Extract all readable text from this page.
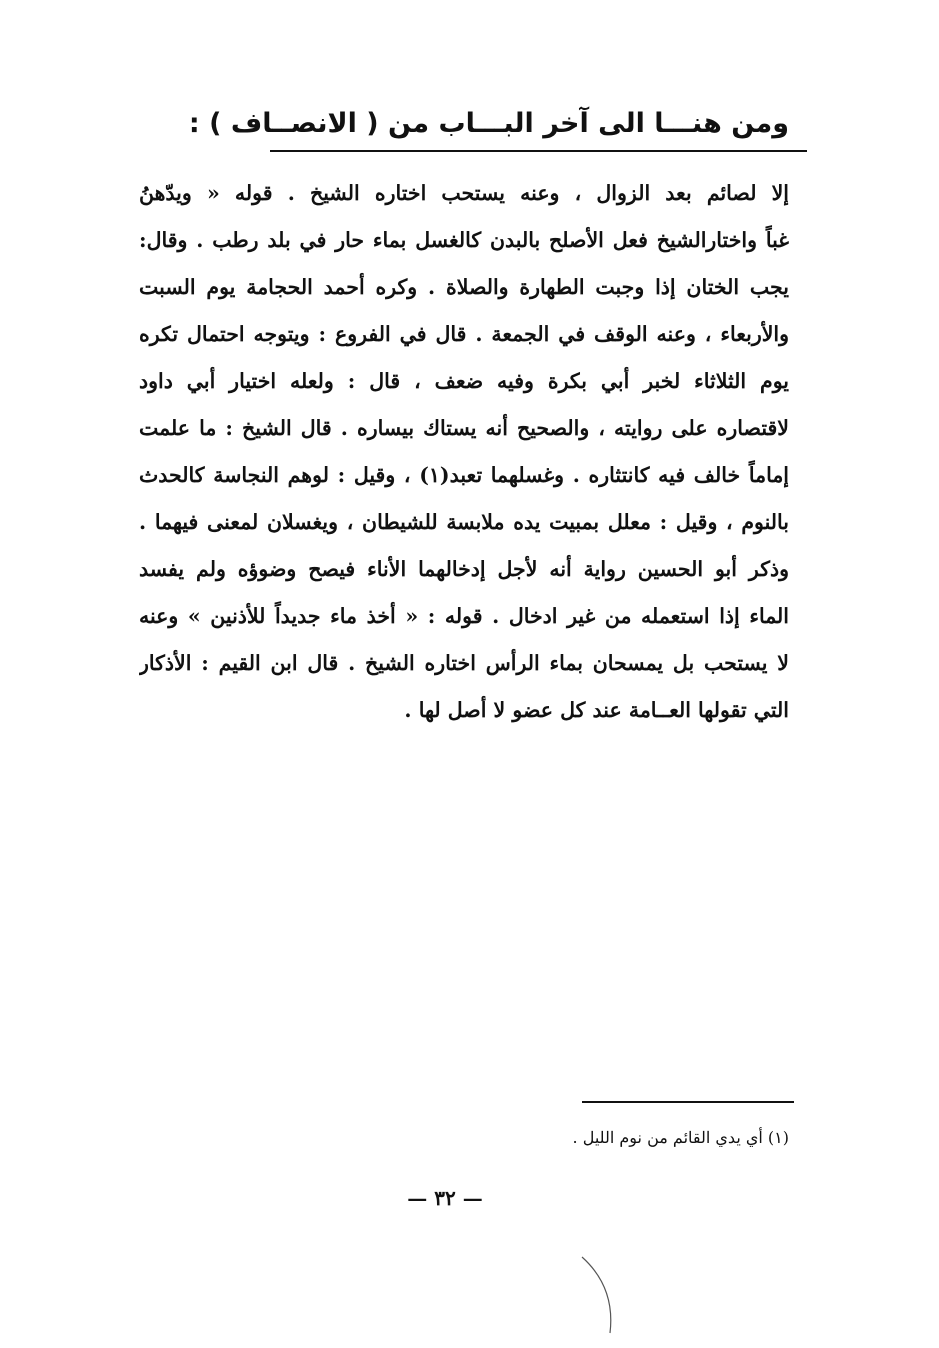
ومن هنـــا الى آخر البـــاب من ( الانصــاف ) :
إلا لصائم بعد الزوال ، وعنه يستحب اختاره الشيخ . قوله « ويدّهنُ
غباً واختارالشيخ فعل الأصلح بالبدن كالغسل بماء حار في بلد رطب . وقال:
يجب الختان إذا وجبت الطهارة والصلاة . وكره أحمد الحجامة يوم السبت
والأربعاء ، وعنه الوقف في الجمعة . قال في الفروع : ويتوجه احتمال تكره
يوم الثلاثاء لخبر أبي بكرة وفيه ضعف ، قال : ولعله اختيار أبي داود
لاقتصاره على روايته ، والصحيح أنه يستاك بيساره . قال الشيخ : ما علمت
إماماً خالف فيه كانتثاره . وغسلهما تعبد(١) ، وقيل : لوهم النجاسة كالحدث
بالنوم ، وقيل : معلل بمبيت يده ملابسة للشيطان ، ويغسلان لمعنى فيهما .
وذكر أبو الحسين رواية أنه لأجل إدخالهما الأناء فيصح وضوؤه ولم يفسد
الماء إذا استعمله من غير ادخال . قوله : « أخذ ماء جديداً للأذنين » وعنه
لا يستحب بل يمسحان بماء الرأس اختاره الشيخ . قال ابن القيم : الأذكار
التي تقولها العــامة عند كل عضو لا أصل لها .
(١) أي يدي القائم من نوم الليل .
— ٣٢ —
